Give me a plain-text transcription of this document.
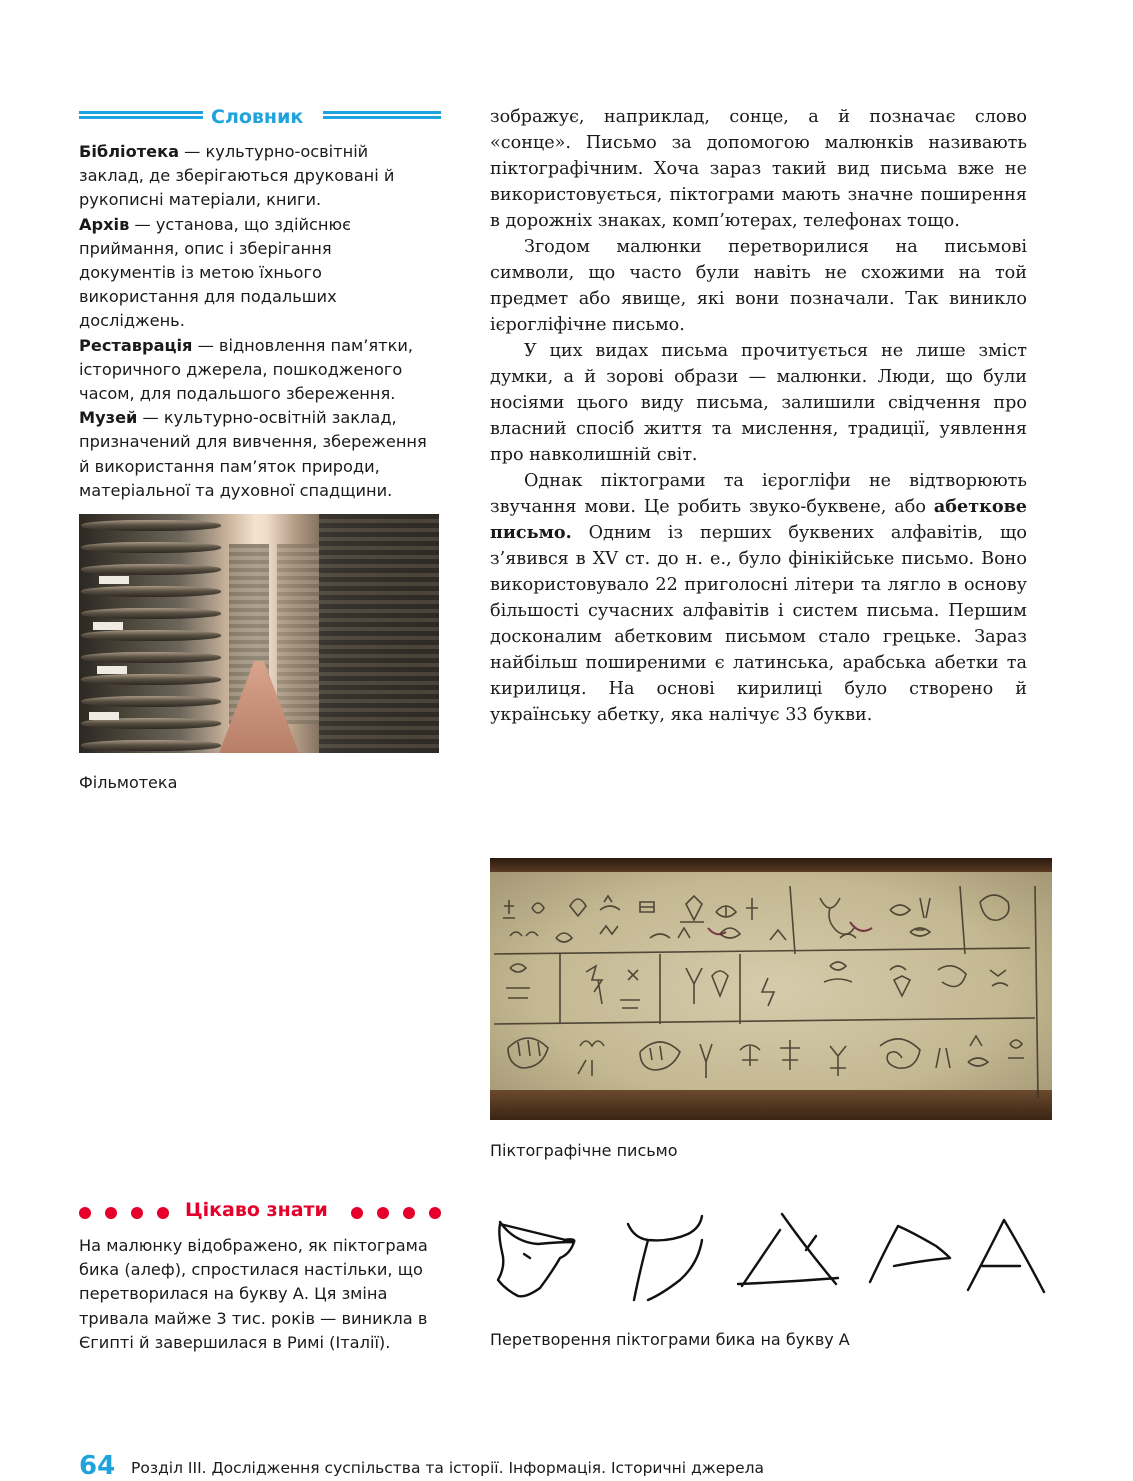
Словник

Бібліотека — культурно-освітній заклад, де зберігаються друковані й рукописні матеріали, книги.

Архів — установа, що здійснює приймання, опис і зберігання документів із метою їхнього використання для подальших досліджень.

Реставрація — відновлення пам’ятки, історичного джерела, пошкодженого часом, для подальшого збереження.

Музей — культурно-освітній заклад, призначений для вивчення, збереження й використання пам’яток природи, матеріальної та духовної спадщини.

Фільмотека

зображує, наприклад, сонце, а й позначає слово «сонце». Письмо за допомогою малюнків називають піктографічним. Хоча зараз такий вид письма вже не використовується, піктограми мають значне поширення в дорожніх знаках, комп’ютерах, телефонах тощо.

Згодом малюнки перетворилися на письмові символи, що часто були навіть не схожими на той предмет або явище, які вони позначали. Так виникло ієрогліфічне письмо.

У цих видах письма прочитується не лише зміст думки, а й зорові образи — малюнки. Люди, що були носіями цього виду письма, залишили свідчення про власний спосіб життя та мислення, традиції, уявлення про навколишній світ.

Однак піктограми та ієрогліфи не відтворюють звучання мови. Це робить звуко-буквене, або абеткове письмо. Одним із перших буквених алфавітів, що з’явився в XV ст. до н. е., було фінікійське письмо. Воно використовувало 22 приголосні літери та лягло в основу більшості сучасних алфавітів і систем письма. Першим досконалим абетковим письмом стало грецьке. Зараз найбільш поширеними є латинська, арабська абетки та кирилиця. На основі кирилиці було створено й українську абетку, яка налічує 33 букви.

Піктографічне письмо
Цікаво знати
На малюнку відображено, як піктограма бика (алеф), спростилася настільки, що перетворилася на букву А. Ця зміна тривала майже 3 тис. років — виникла в Єгипті й завершилася в Римі (Італії).	Перетворення піктограми бика на букву А
64 Розділ ІІІ. Дослідження суспільства та історії. Інформація. Історичні джерела
